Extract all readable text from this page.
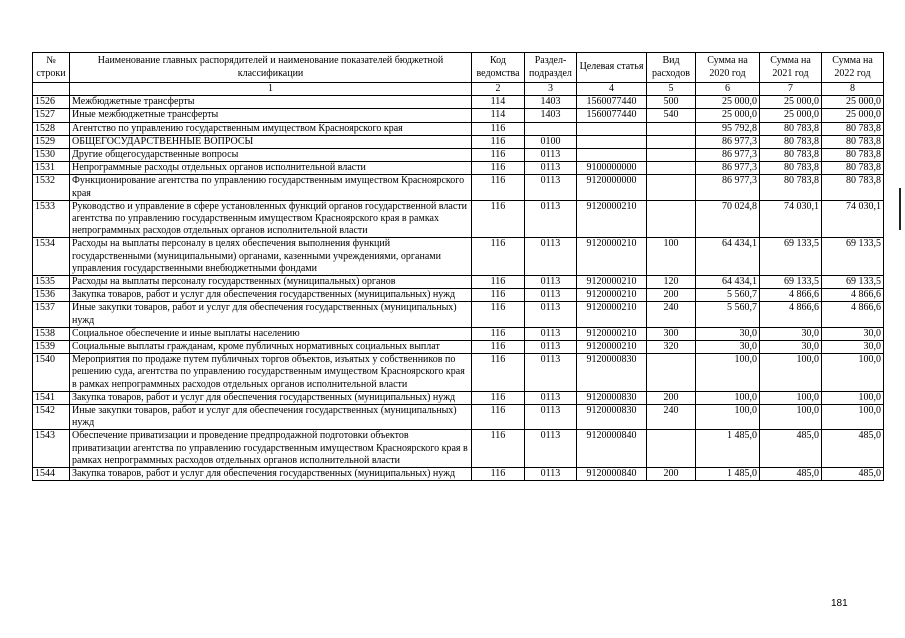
№ строки	Наименование главных распорядителей и наименование показателей бюджетной классификации	Код ведомства	Раздел-подраздел	Целевая статья	Вид расходов	Сумма на 2020 год	Сумма на 2021 год	Сумма на 2022 год
	1	2	3	4	5	6	7	8
1526	Межбюджетные трансферты	114	1403	1560077440	500	25 000,0	25 000,0	25 000,0
1527	Иные межбюджетные трансферты	114	1403	1560077440	540	25 000,0	25 000,0	25 000,0
1528	Агентство по управлению государственным имуществом Красноярского края	116				95 792,8	80 783,8	80 783,8
1529	ОБЩЕГОСУДАРСТВЕННЫЕ ВОПРОСЫ	116	0100			86 977,3	80 783,8	80 783,8
1530	Другие общегосударственные вопросы	116	0113			86 977,3	80 783,8	80 783,8
1531	Непрограммные расходы отдельных органов исполнительной власти	116	0113	9100000000		86 977,3	80 783,8	80 783,8
1532	Функционирование агентства по управлению государственным имуществом Красноярского края	116	0113	9120000000		86 977,3	80 783,8	80 783,8
1533	Руководство и управление в сфере установленных функций органов государственной власти агентства по управлению государственным имуществом Красноярского края в рамках непрограммных расходов отдельных органов исполнительной власти	116	0113	9120000210		70 024,8	74 030,1	74 030,1
1534	Расходы на выплаты персоналу в целях обеспечения выполнения функций государственными (муниципальными) органами, казенными учреждениями, органами управления государственными внебюджетными фондами	116	0113	9120000210	100	64 434,1	69 133,5	69 133,5
1535	Расходы на выплаты персоналу государственных (муниципальных) органов	116	0113	9120000210	120	64 434,1	69 133,5	69 133,5
1536	Закупка товаров, работ и услуг для обеспечения государственных (муниципальных) нужд	116	0113	9120000210	200	5 560,7	4 866,6	4 866,6
1537	Иные закупки товаров, работ и услуг для обеспечения государственных (муниципальных) нужд	116	0113	9120000210	240	5 560,7	4 866,6	4 866,6
1538	Социальное обеспечение и иные выплаты населению	116	0113	9120000210	300	30,0	30,0	30,0
1539	Социальные выплаты гражданам, кроме публичных нормативных социальных выплат	116	0113	9120000210	320	30,0	30,0	30,0
1540	Мероприятия по продаже путем публичных торгов объектов, изъятых у собственников по решению суда, агентства по управлению государственным имуществом Красноярского края в рамках непрограммных расходов отдельных органов исполнительной власти	116	0113	9120000830		100,0	100,0	100,0
1541	Закупка товаров, работ и услуг для обеспечения государственных (муниципальных) нужд	116	0113	9120000830	200	100,0	100,0	100,0
1542	Иные закупки товаров, работ и услуг для обеспечения государственных (муниципальных) нужд	116	0113	9120000830	240	100,0	100,0	100,0
1543	Обеспечение приватизации и проведение предпродажной подготовки объектов приватизации агентства по управлению государственным имуществом Красноярского края в рамках непрограммных расходов отдельных органов исполнительной власти	116	0113	9120000840		1 485,0	485,0	485,0
1544	Закупка товаров, работ и услуг для обеспечения государственных (муниципальных) нужд	116	0113	9120000840	200	1 485,0	485,0	485,0
181
